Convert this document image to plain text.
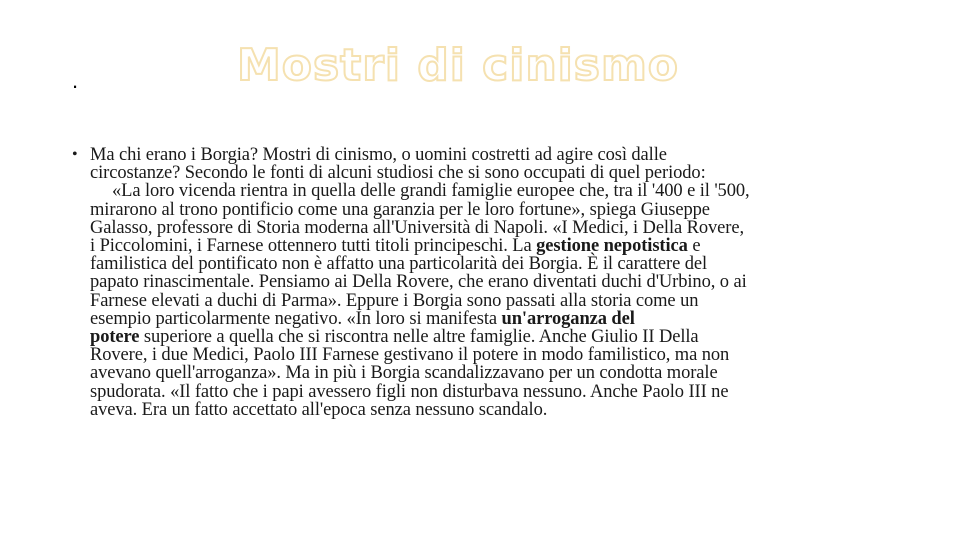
.	Mostri di cinismo
• Ma chi erano i Borgia? Mostri di cinismo, o uomini costretti ad agire così dalle
circostanze? Secondo le fonti di alcuni studiosi che si sono occupati di quel periodo:
«La loro vicenda rientra in quella delle grandi famiglie europee che, tra il '400 e il '500,
mirarono al trono pontificio come una garanzia per le loro fortune», spiega Giuseppe
Galasso, professore di Storia moderna all'Università di Napoli. «I Medici, i Della Rovere,
i Piccolomini, i Farnese ottennero tutti titoli principeschi. La gestione nepotistica e
familistica del pontificato non è affatto una particolarità dei Borgia. È il carattere del
papato rinascimentale. Pensiamo ai Della Rovere, che erano diventati duchi d'Urbino, o ai
Farnese elevati a duchi di Parma». Eppure i Borgia sono passati alla storia come un
esempio particolarmente negativo. «In loro si manifesta un'arroganza del
potere superiore a quella che si riscontra nelle altre famiglie. Anche Giulio II Della
Rovere, i due Medici, Paolo III Farnese gestivano il potere in modo familistico, ma non
avevano quell'arroganza». Ma in più i Borgia scandalizzavano per un condotta morale
spudorata. «Il fatto che i papi avessero figli non disturbava nessuno. Anche Paolo III ne
aveva. Era un fatto accettato all'epoca senza nessuno scandalo.
